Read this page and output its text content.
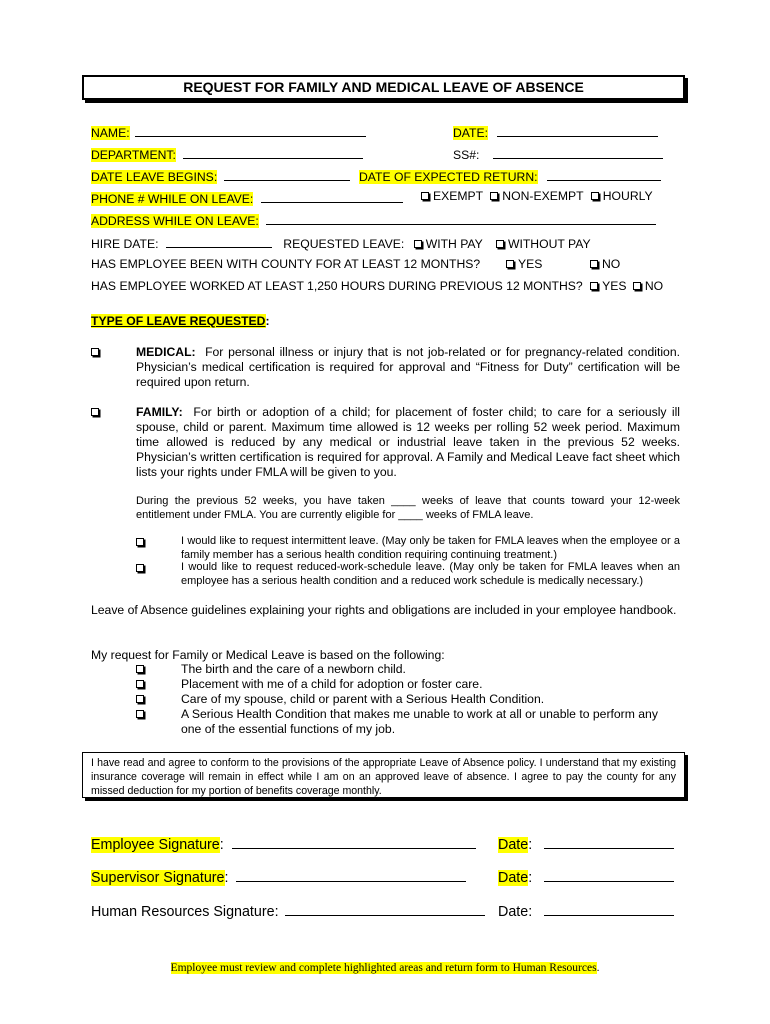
REQUEST FOR FAMILY AND MEDICAL LEAVE OF ABSENCE
NAME:	DATE:
DEPARTMENT:	SS#:
DATE LEAVE BEGINS:	DATE OF EXPECTED RETURN:
PHONE # WHILE ON LEAVE:	EXEMPT NON-EXEMPT HOURLY
ADDRESS WHILE ON LEAVE:
HIRE DATE:	REQUESTED LEAVE: WITH PAY WITHOUT PAY
HAS EMPLOYEE BEEN WITH COUNTY FOR AT LEAST 12 MONTHS?	YES	NO
HAS EMPLOYEE WORKED AT LEAST 1,250 HOURS DURING PREVIOUS 12 MONTHS? YES NO
TYPE OF LEAVE REQUESTED:
MEDICAL: For personal illness or injury that is not job-related or for pregnancy-related condition. Physician’s medical certification is required for approval and “Fitness for Duty” certification will be required upon return.
FAMILY: For birth or adoption of a child; for placement of foster child; to care for a seriously ill spouse, child or parent. Maximum time allowed is 12 weeks per rolling 52 week period. Maximum time allowed is reduced by any medical or industrial leave taken in the previous 52 weeks. Physician’s written certification is required for approval. A Family and Medical Leave fact sheet which lists your rights under FMLA will be given to you.
During the previous 52 weeks, you have taken ____ weeks of leave that counts toward your 12-week entitlement under FMLA. You are currently eligible for ____ weeks of FMLA leave.
I would like to request intermittent leave. (May only be taken for FMLA leaves when the employee or a family member has a serious health condition requiring continuing treatment.)
I would like to request reduced-work-schedule leave. (May only be taken for FMLA leaves when an employee has a serious health condition and a reduced work schedule is medically necessary.)
Leave of Absence guidelines explaining your rights and obligations are included in your employee handbook.
My request for Family or Medical Leave is based on the following:
The birth and the care of a newborn child.
Placement with me of a child for adoption or foster care.
Care of my spouse, child or parent with a Serious Health Condition.
A Serious Health Condition that makes me unable to work at all or unable to perform any one of the essential functions of my job.
I have read and agree to conform to the provisions of the appropriate Leave of Absence policy. I understand that my existing insurance coverage will remain in effect while I am on an approved leave of absence. I agree to pay the county for any missed deduction for my portion of benefits coverage monthly.
Employee Signature:	Date:
Supervisor Signature:	Date:
Human Resources Signature:	Date:
Employee must review and complete highlighted areas and return form to Human Resources.
